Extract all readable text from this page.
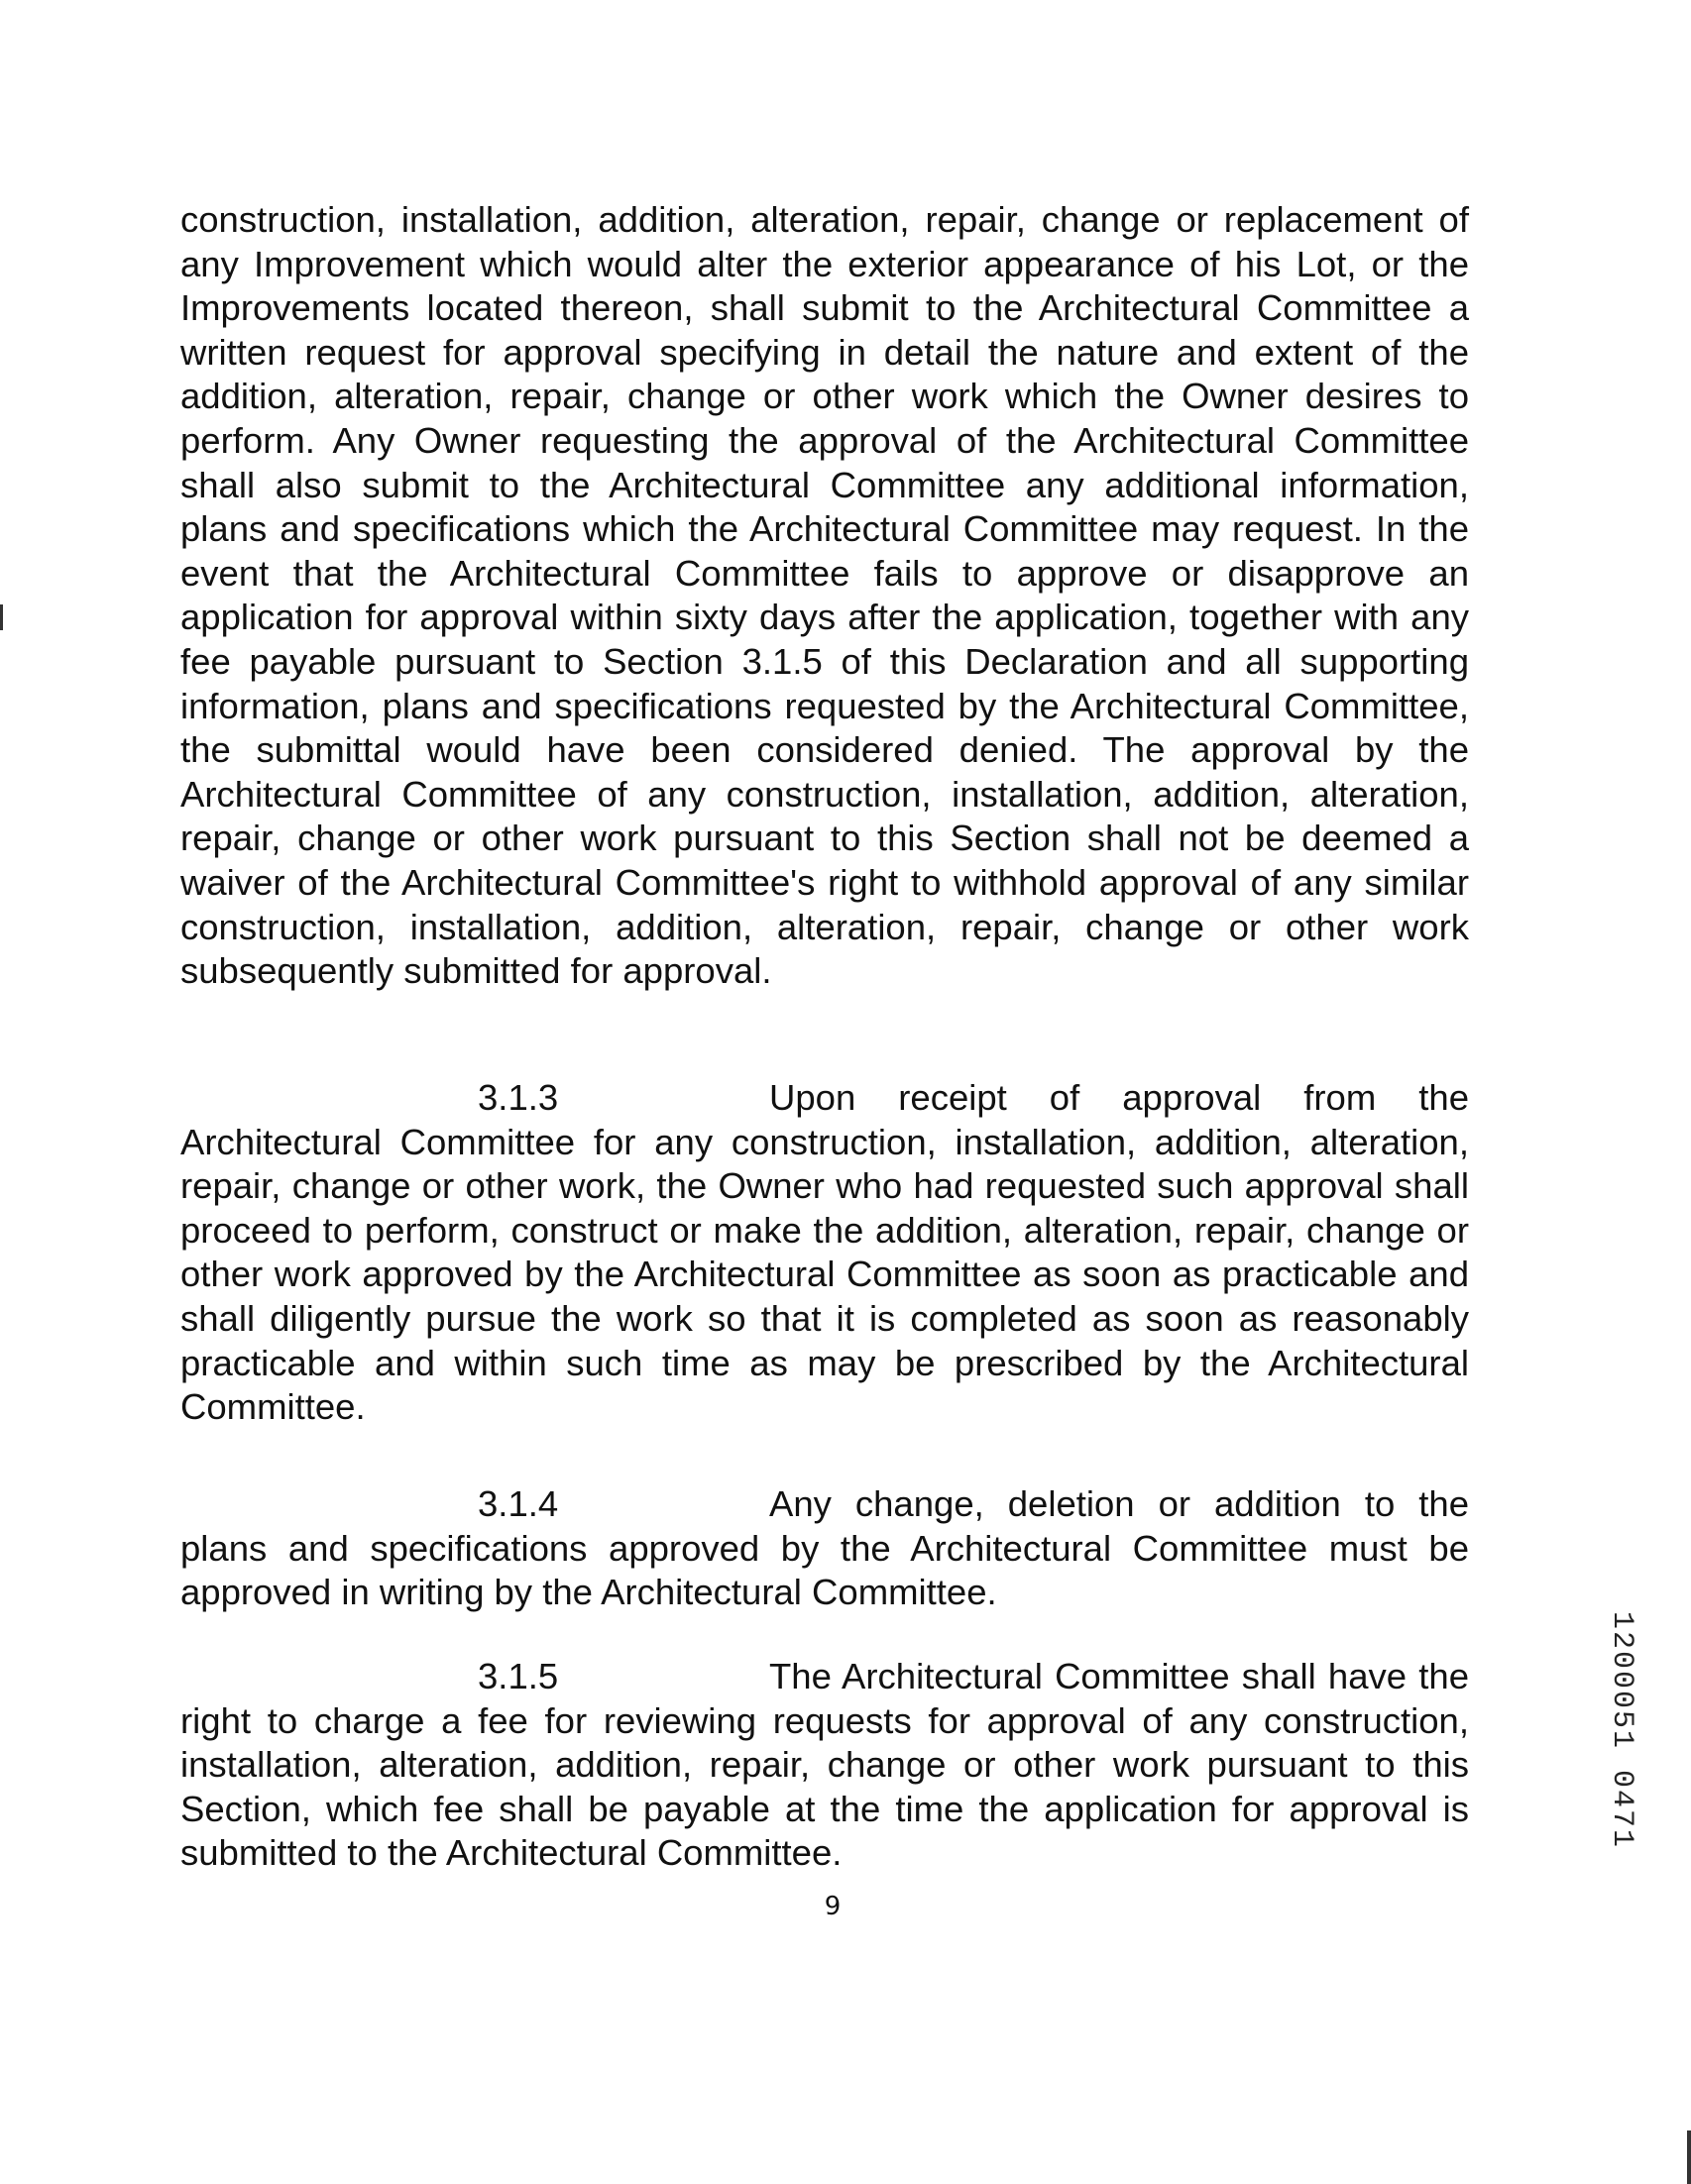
construction, installation, addition, alteration, repair, change or replacement of any Improvement which would alter the exterior appearance of his Lot, or the Improvements located thereon, shall submit to the Architectural Committee a written request for approval specifying in detail the nature and extent of the addition, alteration, repair, change or other work which the Owner desires to perform. Any Owner requesting the approval of the Architectural Committee shall also submit to the Architectural Committee any additional information, plans and specifications which the Architectural Committee may request. In the event that the Architectural Committee fails to approve or disapprove an application for approval within sixty days after the application, together with any fee payable pursuant to Section 3.1.5 of this Declaration and all supporting information, plans and specifications requested by the Architectural Committee, the submittal would have been considered denied. The approval by the Architectural Committee of any construction, installation, addition, alteration, repair, change or other work pursuant to this Section shall not be deemed a waiver of the Architectural Committee's right to withhold approval of any similar construction, installation, addition, alteration, repair, change or other work subsequently submitted for approval.

3.1.3	Upon receipt of approval from the Architectural Committee for any construction, installation, addition, alteration, repair, change or other work, the Owner who had requested such approval shall proceed to perform, construct or make the addition, alteration, repair, change or other work approved by the Architectural Committee as soon as practicable and shall diligently pursue the work so that it is completed as soon as reasonably practicable and within such time as may be prescribed by the Architectural Committee.

3.1.4	Any change, deletion or addition to the plans and specifications approved by the Architectural Committee must be approved in writing by the Architectural Committee.

3.1.5	The Architectural Committee shall have the right to charge a fee for reviewing requests for approval of any construction, installation, alteration, addition, repair, change or other work pursuant to this Section, which fee shall be payable at the time the application for approval is submitted to the Architectural Committee.

9
1200051 0471
